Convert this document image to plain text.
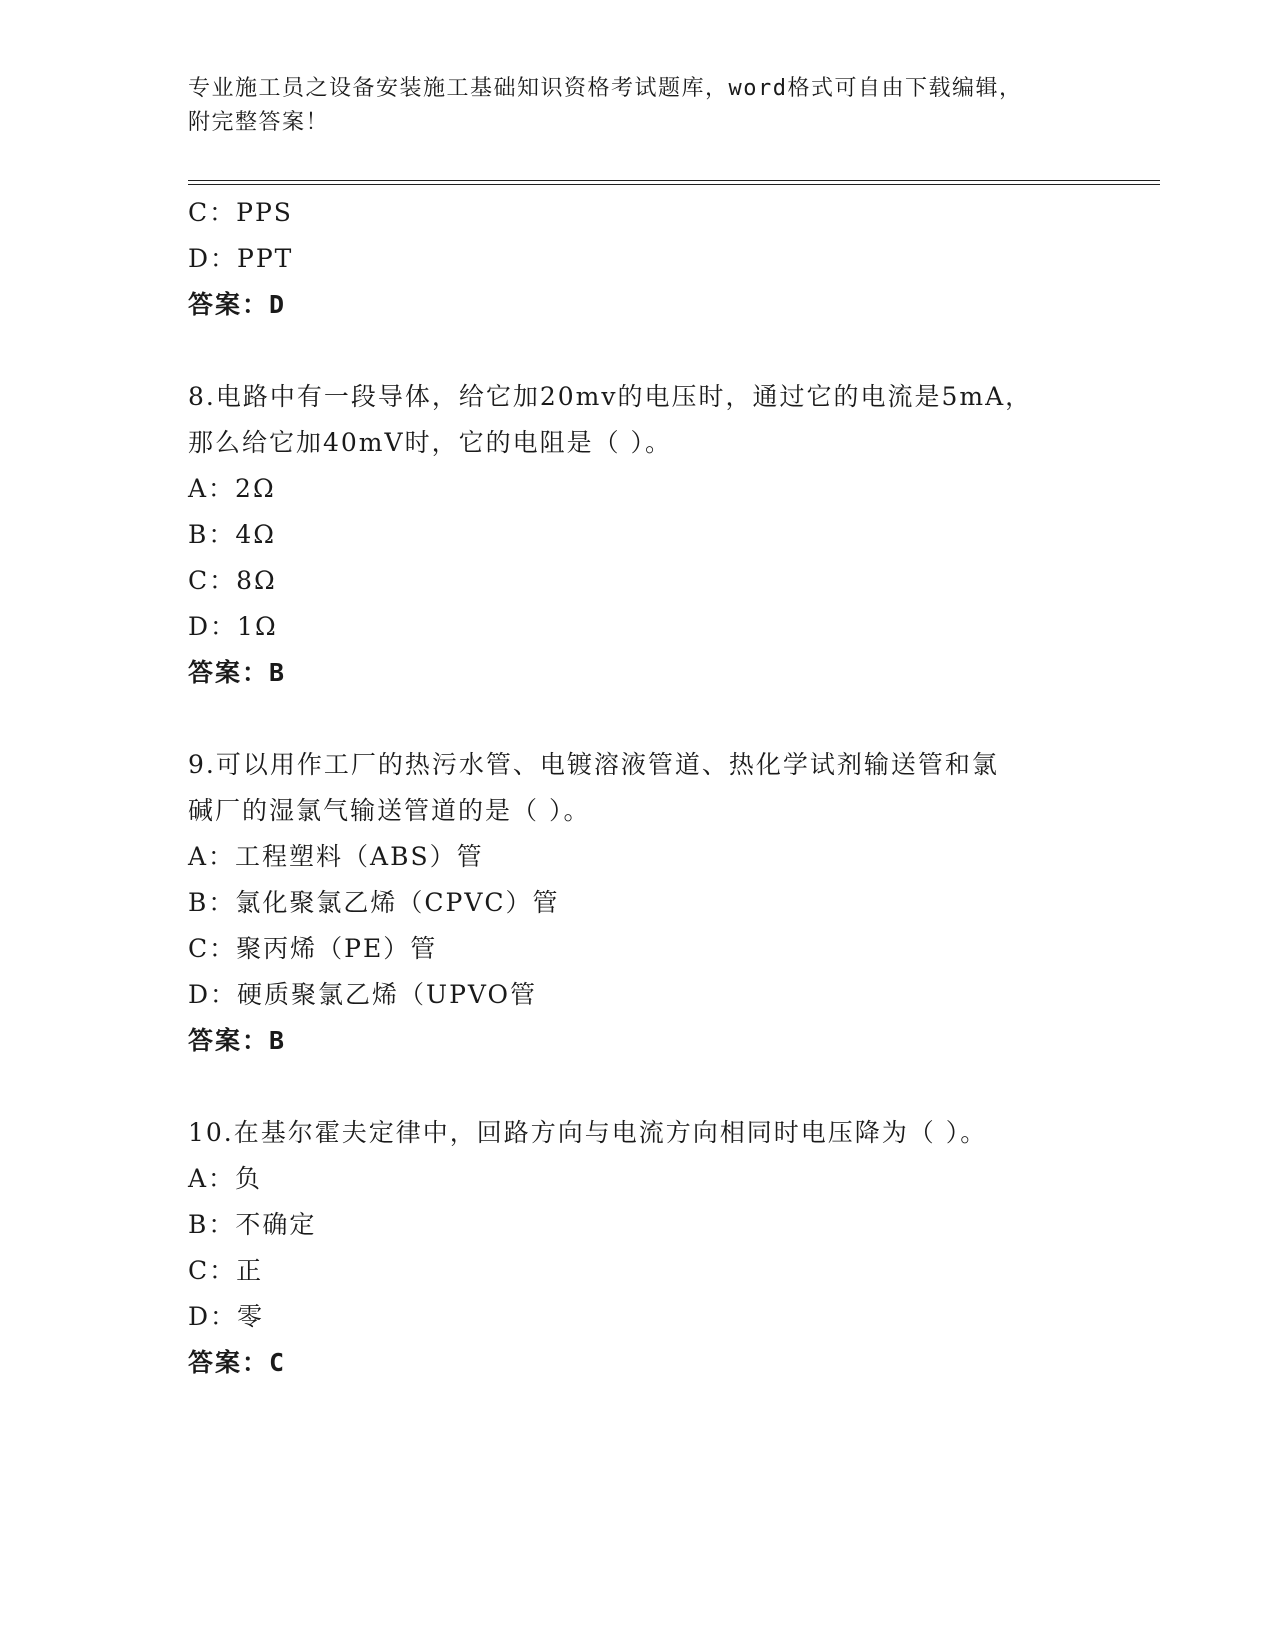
专业施工员之设备安装施工基础知识资格考试题库，word格式可自由下载编辑，
附完整答案！
C：PPS
D：PPT
答案：D
8.电路中有一段导体，给它加20mv的电压时，通过它的电流是5mA，
那么给它加40mV时，它的电阻是（ ）。
A：2Ω
B：4Ω
C：8Ω
D：1Ω
答案：B
9.可以用作工厂的热污水管、电镀溶液管道、热化学试剂输送管和氯
碱厂的湿氯气输送管道的是（ ）。
A：工程塑料（ABS）管
B：氯化聚氯乙烯（CPVC）管
C：聚丙烯（PE）管
D：硬质聚氯乙烯（UPVO管
答案：B
10.在基尔霍夫定律中，回路方向与电流方向相同时电压降为（ ）。
A：负
B：不确定
C：正
D：零
答案：C
